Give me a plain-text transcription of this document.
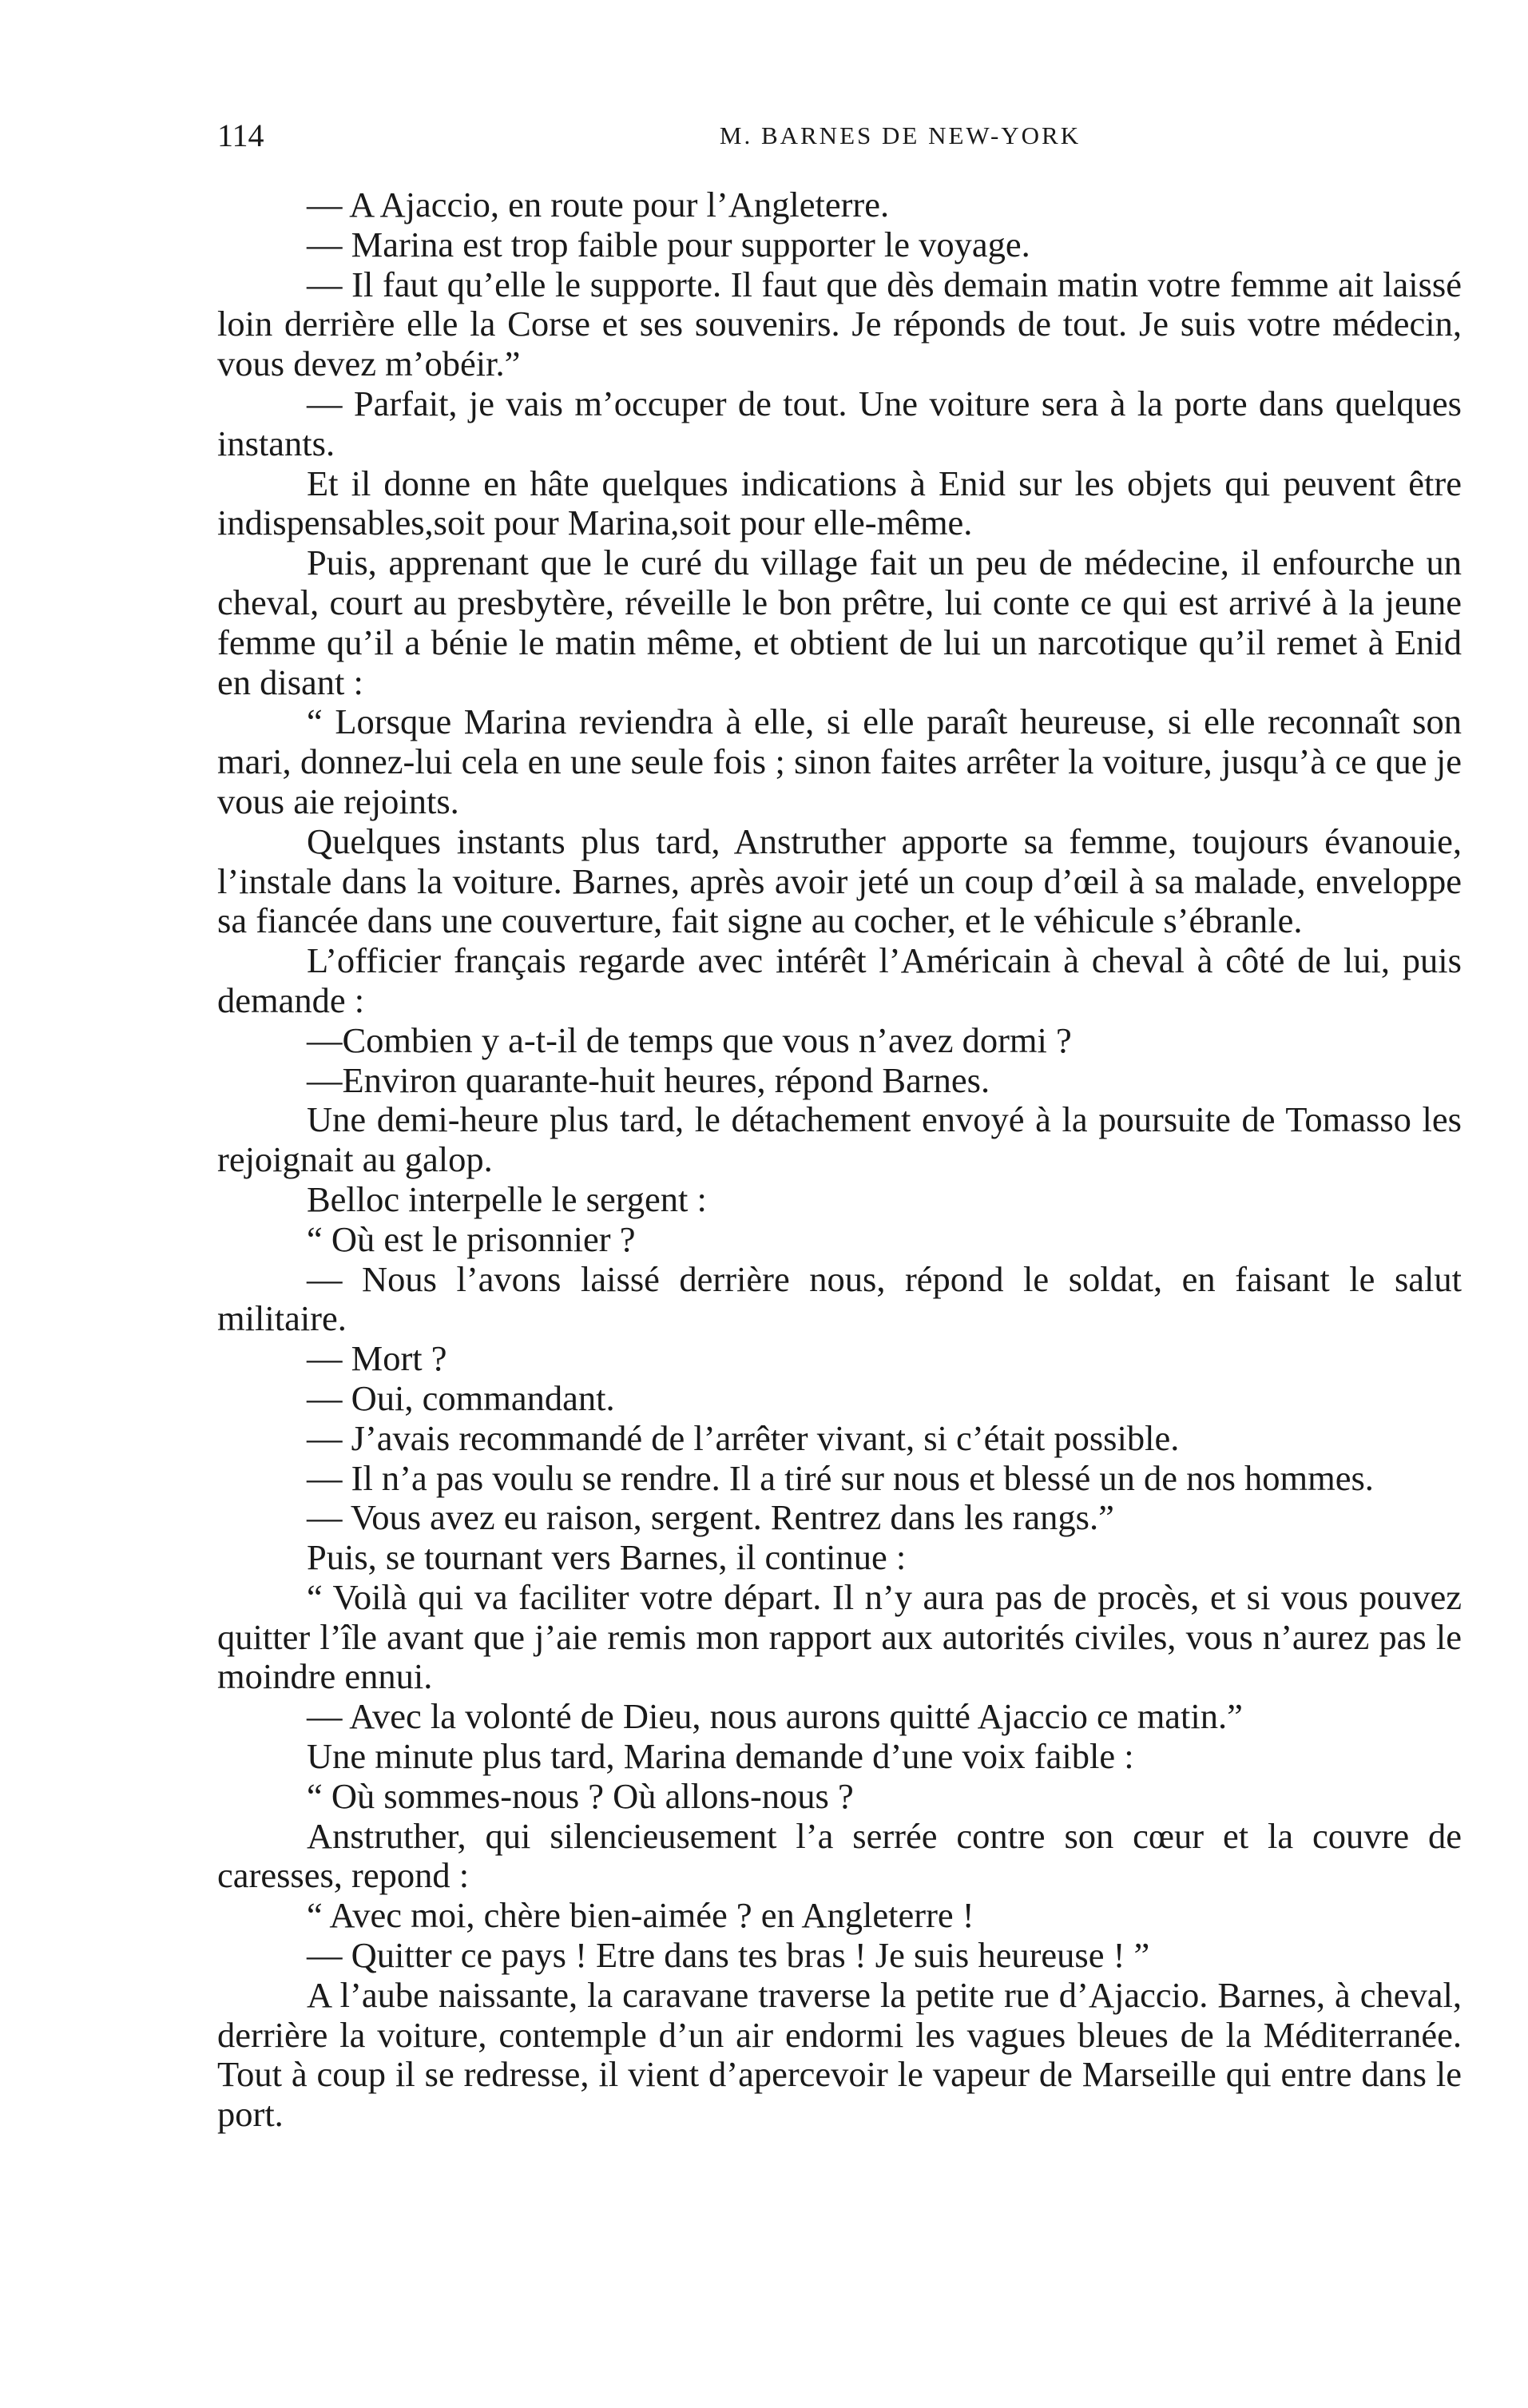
114	M. BARNES DE NEW-YORK

— A Ajaccio, en route pour l’Angleterre.

— Marina est trop faible pour supporter le voyage.

— Il faut qu’elle le supporte. Il faut que dès demain matin votre femme ait laissé loin derrière elle la Corse et ses souvenirs. Je réponds de tout. Je suis votre médecin, vous devez m’obéir.”

— Parfait, je vais m’occuper de tout. Une voiture sera à la porte dans quelques instants.

Et il donne en hâte quelques indications à Enid sur les objets qui peuvent être indispensables,soit pour Marina,soit pour elle-même.

Puis, apprenant que le curé du village fait un peu de médecine, il enfourche un cheval, court au presbytère, réveille le bon prêtre, lui conte ce qui est arrivé à la jeune femme qu’il a bénie le matin même, et obtient de lui un narcotique qu’il remet à Enid en disant :

“ Lorsque Marina reviendra à elle, si elle paraît heureuse, si elle reconnaît son mari, donnez-lui cela en une seule fois ; sinon faites arrêter la voiture, jusqu’à ce que je vous aie rejoints.

Quelques instants plus tard, Anstruther apporte sa femme, toujours évanouie, l’instale dans la voiture. Barnes, après avoir jeté un coup d’œil à sa malade, enveloppe sa fiancée dans une couverture, fait signe au cocher, et le véhicule s’ébranle.

L’officier français regarde avec intérêt l’Américain à cheval à côté de lui, puis demande :

—Combien y a-t-il de temps que vous n’avez dormi ?

—Environ quarante-huit heures, répond Barnes.

Une demi-heure plus tard, le détachement envoyé à la poursuite de Tomasso les rejoignait au galop.

Belloc interpelle le sergent :

“ Où est le prisonnier ?

— Nous l’avons laissé derrière nous, répond le soldat, en faisant le salut militaire.

— Mort ?

— Oui, commandant.

— J’avais recommandé de l’arrêter vivant, si c’était possible.

— Il n’a pas voulu se rendre. Il a tiré sur nous et blessé un de nos hommes.

— Vous avez eu raison, sergent. Rentrez dans les rangs.”

Puis, se tournant vers Barnes, il continue :

“ Voilà qui va faciliter votre départ. Il n’y aura pas de procès, et si vous pouvez quitter l’île avant que j’aie remis mon rapport aux autorités civiles, vous n’aurez pas le moindre ennui.

— Avec la volonté de Dieu, nous aurons quitté Ajaccio ce matin.”

Une minute plus tard, Marina demande d’une voix faible :

“ Où sommes-nous ? Où allons-nous ?

Anstruther, qui silencieusement l’a serrée contre son cœur et la couvre de caresses, repond :

“ Avec moi, chère bien-aimée ? en Angleterre !

— Quitter ce pays ! Etre dans tes bras ! Je suis heureuse ! ”

A l’aube naissante, la caravane traverse la petite rue d’Ajaccio. Barnes, à cheval, derrière la voiture, contemple d’un air endormi les vagues bleues de la Méditerranée. Tout à coup il se redresse, il vient d’apercevoir le vapeur de Marseille qui entre dans le port.
